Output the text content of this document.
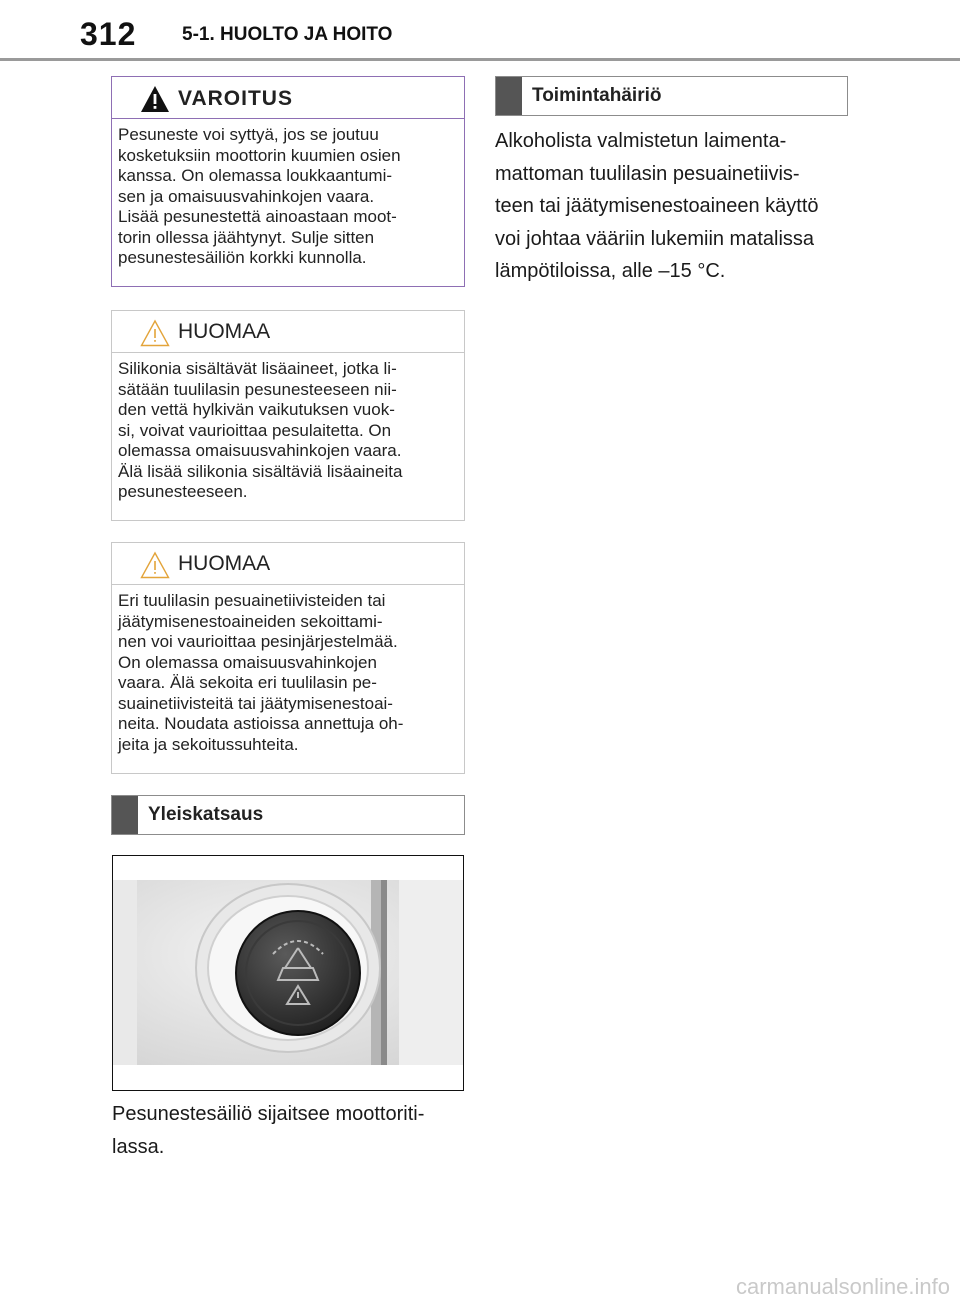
312 5-1. HUOLTO JA HOITO
VAROITUS
Pesuneste voi syttyä, jos se joutuu
kosketuksiin moottorin kuumien osien
kanssa. On olemassa loukkaantumi-
sen ja omaisuusvahinkojen vaara.
Lisää pesunestettä ainoastaan moot-
torin ollessa jäähtynyt. Sulje sitten
pesunestesäiliön korkki kunnolla.
HUOMAA
Silikonia sisältävät lisäaineet, jotka li-
sätään tuulilasin pesunesteeseen nii-
den vettä hylkivän vaikutuksen vuok-
si, voivat vaurioittaa pesulaitetta. On
olemassa omaisuusvahinkojen vaara.
Älä lisää silikonia sisältäviä lisäaineita
pesunesteeseen.
HUOMAA
Eri tuulilasin pesuainetiivisteiden tai
jäätymisenestoaineiden sekoittami-
nen voi vaurioittaa pesinjärjestelmää.
On olemassa omaisuusvahinkojen
vaara. Älä sekoita eri tuulilasin pe-
suainetiivisteitä tai jäätymisenestoai-
neita. Noudata astioissa annettuja oh-
jeita ja sekoitussuhteita.
Yleiskatsaus
Pesunestesäiliö sijaitsee moottoriti-
lassa.
Toimintahäiriö
Alkoholista valmistetun laimenta-
mattoman tuulilasin pesuainetiivis-
teen tai jäätymisenestoaineen käyttö
voi johtaa vääriin lukemiin matalissa
lämpötiloissa, alle –15 °C.
carmanualsonline.info
